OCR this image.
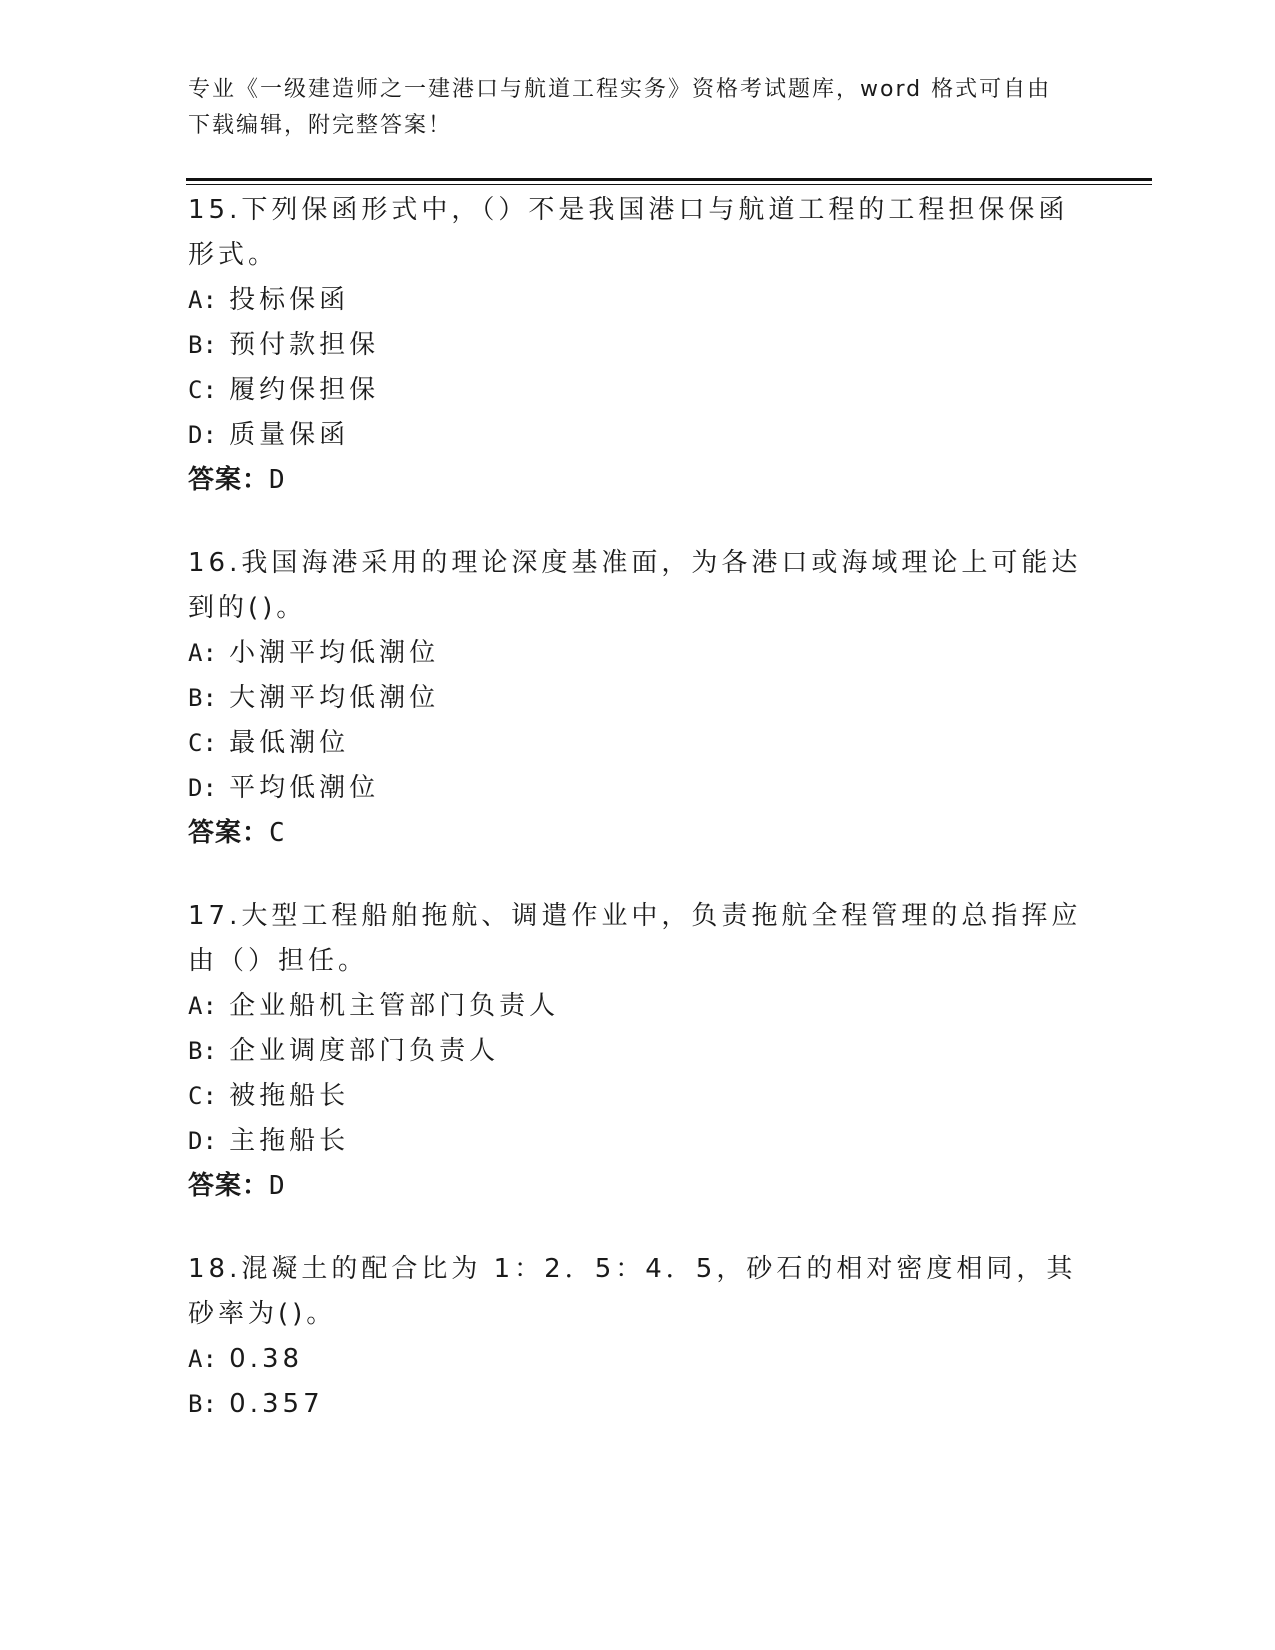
专业《一级建造师之一建港口与航道工程实务》资格考试题库，word 格式可自由下载编辑，附完整答案！

15.下列保函形式中，（）不是我国港口与航道工程的工程担保保函形式。

A: 投标保函

B: 预付款担保

C: 履约保担保

D: 质量保函

答案：D

16.我国海港采用的理论深度基准面，为各港口或海域理论上可能达到的()。

A: 小潮平均低潮位

B: 大潮平均低潮位

C: 最低潮位

D: 平均低潮位

答案：C

17.大型工程船舶拖航、调遣作业中，负责拖航全程管理的总指挥应由（）担任。

A: 企业船机主管部门负责人

B: 企业调度部门负责人

C: 被拖船长

D: 主拖船长

答案：D

18.混凝土的配合比为 1：2．5：4．5，砂石的相对密度相同，其砂率为()。

A: 0.38

B: 0.357
